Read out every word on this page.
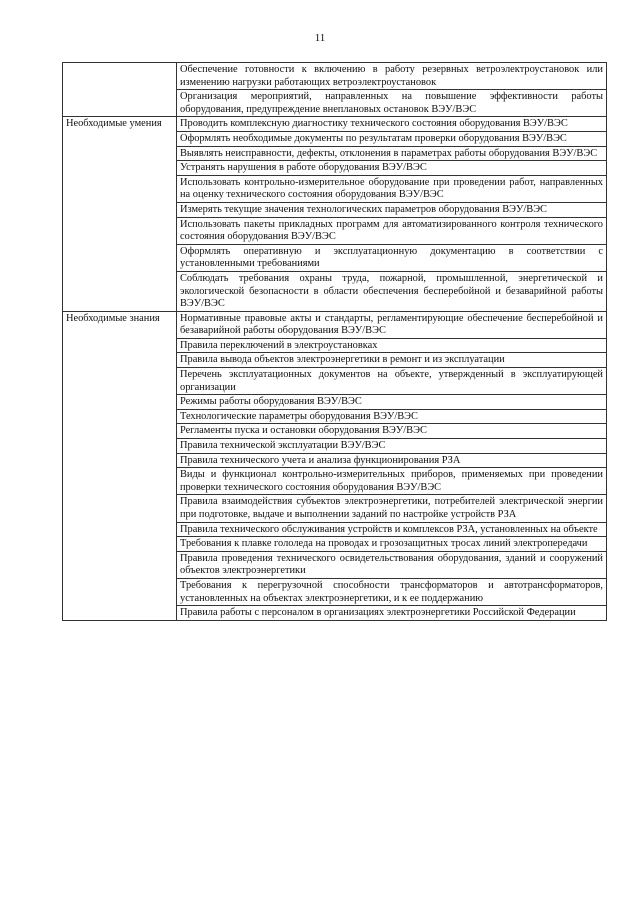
11
	Обеспечение готовности к включению в работу резервных ветроэлектроустановок или изменению нагрузки работающих ветроэлектроустановок
	Организация мероприятий, направленных на повышение эффективности работы оборудования, предупреждение внеплановых остановок ВЭУ/ВЭС
Необходимые умения	Проводить комплексную диагностику технического состояния оборудования ВЭУ/ВЭС
	Оформлять необходимые документы по результатам проверки оборудования ВЭУ/ВЭС
	Выявлять неисправности, дефекты, отклонения в параметрах работы оборудования ВЭУ/ВЭС
	Устранять нарушения в работе оборудования ВЭУ/ВЭС
	Использовать контрольно-измерительное оборудование при проведении работ, направленных на оценку технического состояния оборудования ВЭУ/ВЭС
	Измерять текущие значения технологических параметров оборудования ВЭУ/ВЭС
	Использовать пакеты прикладных программ для автоматизированного контроля технического состояния оборудования ВЭУ/ВЭС
	Оформлять оперативную и эксплуатационную документацию в соответствии с установленными требованиями
	Соблюдать требования охраны труда, пожарной, промышленной, энергетической и экологической безопасности в области обеспечения бесперебойной и безаварийной работы ВЭУ/ВЭС
Необходимые знания	Нормативные правовые акты и стандарты, регламентирующие обеспечение бесперебойной и безаварийной работы оборудования ВЭУ/ВЭС
	Правила переключений в электроустановках
	Правила вывода объектов электроэнергетики в ремонт и из эксплуатации
	Перечень эксплуатационных документов на объекте, утвержденный в эксплуатирующей организации
	Режимы работы оборудования ВЭУ/ВЭС
	Технологические параметры оборудования ВЭУ/ВЭС
	Регламенты пуска и остановки оборудования ВЭУ/ВЭС
	Правила технической эксплуатации ВЭУ/ВЭС
	Правила технического учета и анализа функционирования РЗА
	Виды и функционал контрольно-измерительных приборов, применяемых при проведении проверки технического состояния оборудования ВЭУ/ВЭС
	Правила взаимодействия субъектов электроэнергетики, потребителей электрической энергии при подготовке, выдаче и выполнении заданий по настройке устройств РЗА
	Правила технического обслуживания устройств и комплексов РЗА, установленных на объекте
	Требования к плавке гололеда на проводах и грозозащитных тросах линий электропередачи
	Правила проведения технического освидетельствования оборудования, зданий и сооружений объектов электроэнергетики
	Требования к перегрузочной способности трансформаторов и автотрансформаторов, установленных на объектах электроэнергетики, и к ее поддержанию
	Правила работы с персоналом в организациях электроэнергетики Российской Федерации
